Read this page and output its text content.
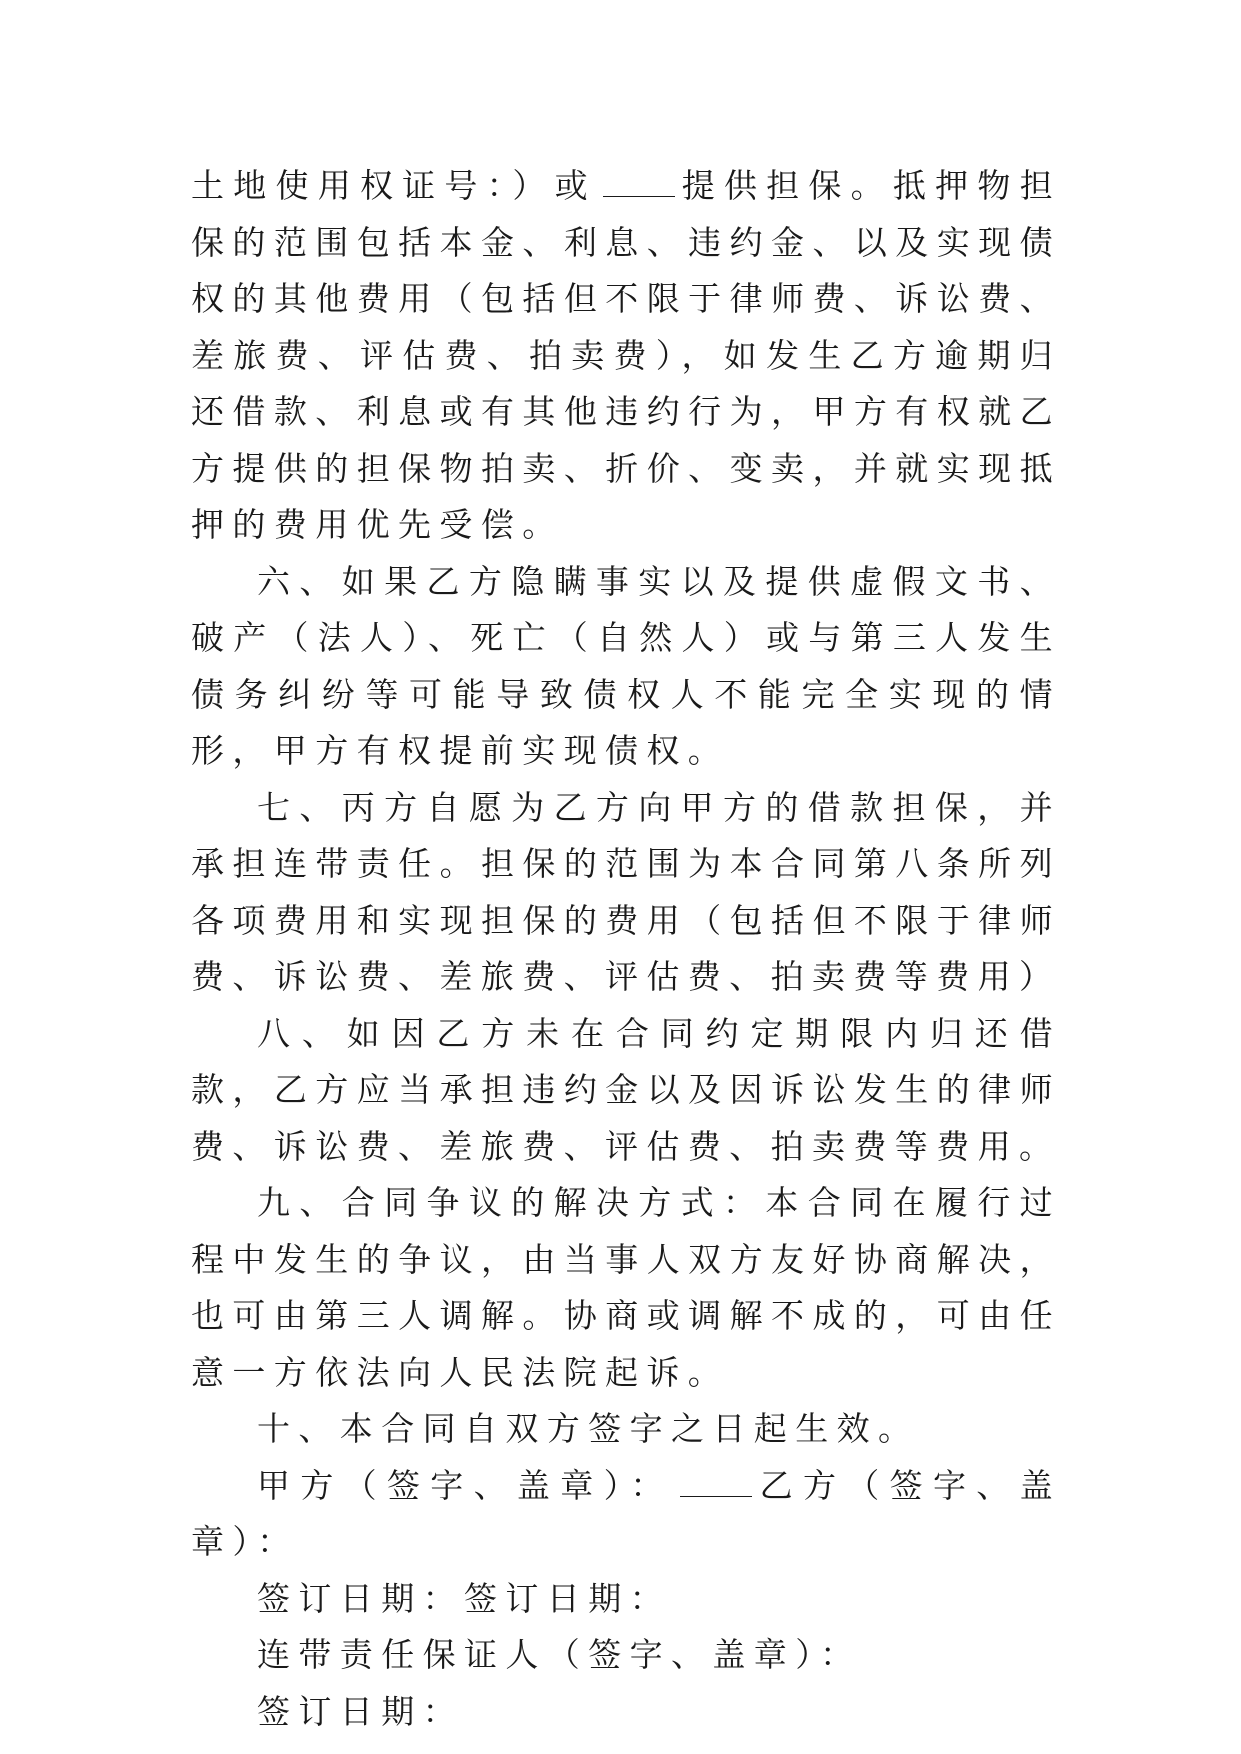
土地使用权证号：）或	提供担保。抵押物担保的范围包括本金、利息、违约金、以及实现债权的其他费用（包括但不限于律师费、诉讼费、差旅费、评估费、拍卖费），如发生乙方逾期归还借款、利息或有其他违约行为，甲方有权就乙方提供的担保物拍卖、折价、变卖，并就实现抵押的费用优先受偿。

六、如果乙方隐瞒事实以及提供虚假文书、破产（法人）、死亡（自然人）或与第三人发生债务纠纷等可能导致债权人不能完全实现的情形，甲方有权提前实现债权。

七、丙方自愿为乙方向甲方的借款担保，并承担连带责任。担保的范围为本合同第八条所列各项费用和实现担保的费用（包括但不限于律师费、诉讼费、差旅费、评估费、拍卖费等费用）

八、如因乙方未在合同约定期限内归还借款，乙方应当承担违约金以及因诉讼发生的律师费、诉讼费、差旅费、评估费、拍卖费等费用。

九、合同争议的解决方式：本合同在履行过程中发生的争议，由当事人双方友好协商解决，也可由第三人调解。协商或调解不成的，可由任意一方依法向人民法院起诉。

十、本合同自双方签字之日起生效。

甲方（签字、盖章）：	乙方（签字、盖章）：

签订日期：签订日期：

连带责任保证人（签字、盖章）：

签订日期：
